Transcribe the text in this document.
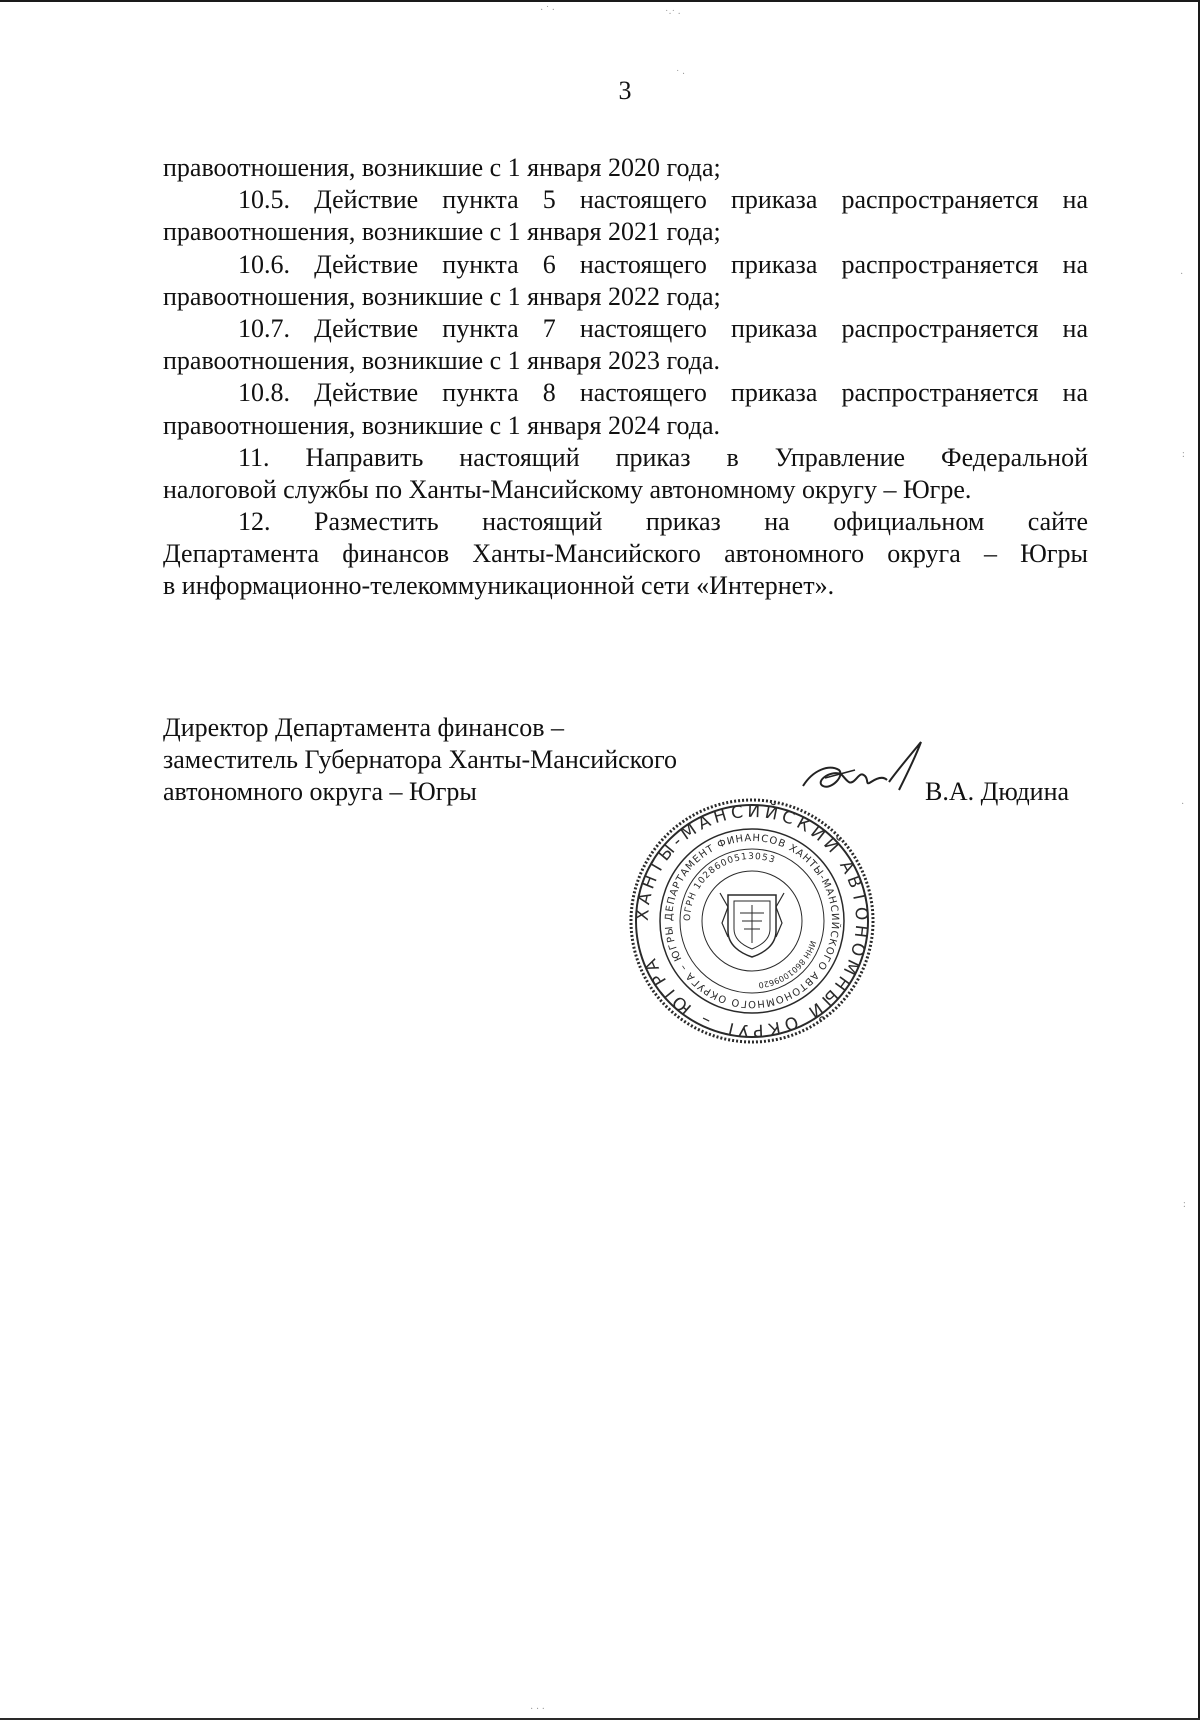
3
правоотношения, возникшие с 1 января 2020 года;
10.5. Действие пункта 5 настоящего приказа распространяется на
правоотношения, возникшие с 1 января 2021 года;
10.6. Действие пункта 6 настоящего приказа распространяется на
правоотношения, возникшие с 1 января 2022 года;
10.7. Действие пункта 7 настоящего приказа распространяется на
правоотношения, возникшие с 1 января 2023 года.
10.8. Действие пункта 8 настоящего приказа распространяется на
правоотношения, возникшие с 1 января 2024 года.
11. Направить настоящий приказ в Управление Федеральной
налоговой службы по Ханты-Мансийскому автономному округу – Югре.
12. Разместить настоящий приказ на официальном сайте
Департамента финансов Ханты-Мансийского автономного округа – Югры
в информационно-телекоммуникационной сети «Интернет».
Директор Департамента финансов –
заместитель Губернатора Ханты-Мансийского
автономного округа – Югры	В.А. Дюдина
ХАНТЫ-МАНСИЙСКИЙ АВТОНОМНЫЙ ОКРУГ – ЮГРА
ДЕПАРТАМЕНТ ФИНАНСОВ ХАНТЫ-МАНСИЙСКОГО АВТОНОМНОГО ОКРУГА – ЮГРЫ
ОГРН 1028600513053
ИНН 8601009620
· ˙ ·	˙·˙ ·
˙ ·
·
:
·
:
· · ·
